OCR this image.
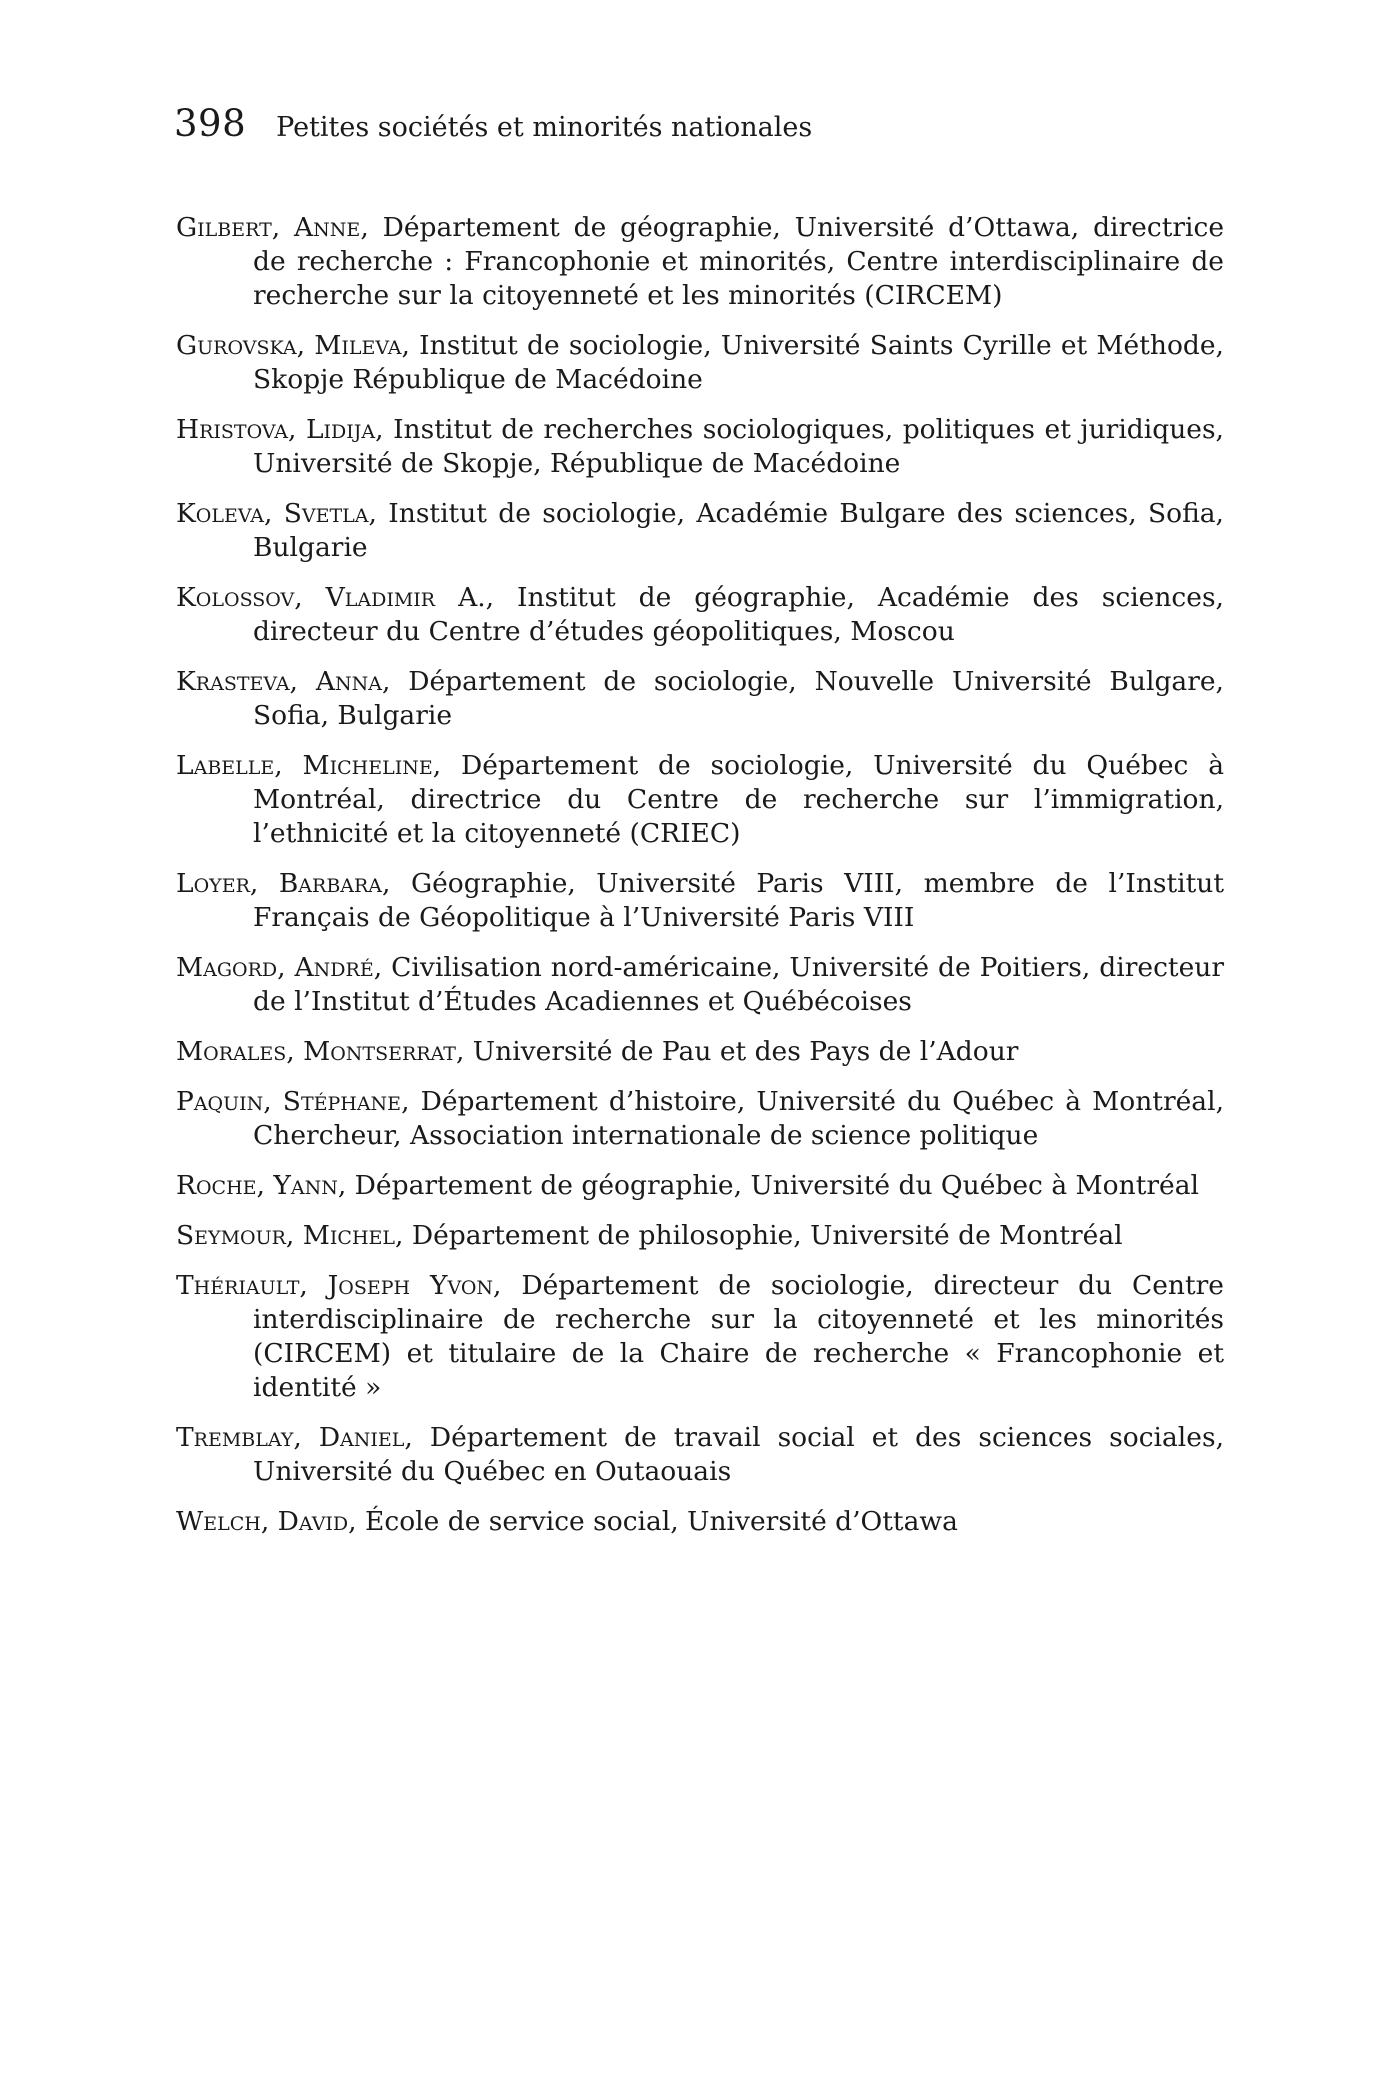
398 Petites sociétés et minorités nationales

Gilbert, Anne, Département de géographie, Université d’Ottawa, directrice de recherche : Francophonie et minorités, Centre interdisciplinaire de recherche sur la citoyenneté et les minorités (CIRCEM)

Gurovska, Mileva, Institut de sociologie, Université Saints Cyrille et Méthode, Skopje République de Macédoine

Hristova, Lidija, Institut de recherches sociologiques, politiques et juridiques, Université de Skopje, République de Macédoine

Koleva, Svetla, Institut de sociologie, Académie Bulgare des sciences, Sofia, Bulgarie

Kolossov, Vladimir A., Institut de géographie, Académie des sciences, directeur du Centre d’études géopolitiques, Moscou

Krasteva, Anna, Département de sociologie, Nouvelle Université Bulgare, Sofia, Bulgarie

Labelle, Micheline, Département de sociologie, Université du Québec à Montréal, directrice du Centre de recherche sur l’immigration, l’ethnicité et la citoyenneté (CRIEC)

Loyer, Barbara, Géographie, Université Paris VIII, membre de l’Institut Français de Géopolitique à l’Université Paris VIII

Magord, André, Civilisation nord-américaine, Université de Poitiers, directeur de l’Institut d’Études Acadiennes et Québécoises

Morales, Montserrat, Université de Pau et des Pays de l’Adour

Paquin, Stéphane, Département d’histoire, Université du Québec à Montréal, Chercheur, Association internationale de science politique

Roche, Yann, Département de géographie, Université du Québec à Montréal

Seymour, Michel, Département de philosophie, Université de Montréal

Thériault, Joseph Yvon, Département de sociologie, directeur du Centre interdisciplinaire de recherche sur la citoyenneté et les minorités (CIRCEM) et titulaire de la Chaire de recherche « Francophonie et identité »

Tremblay, Daniel, Département de travail social et des sciences sociales, Université du Québec en Outaouais

Welch, David, École de service social, Université d’Ottawa
